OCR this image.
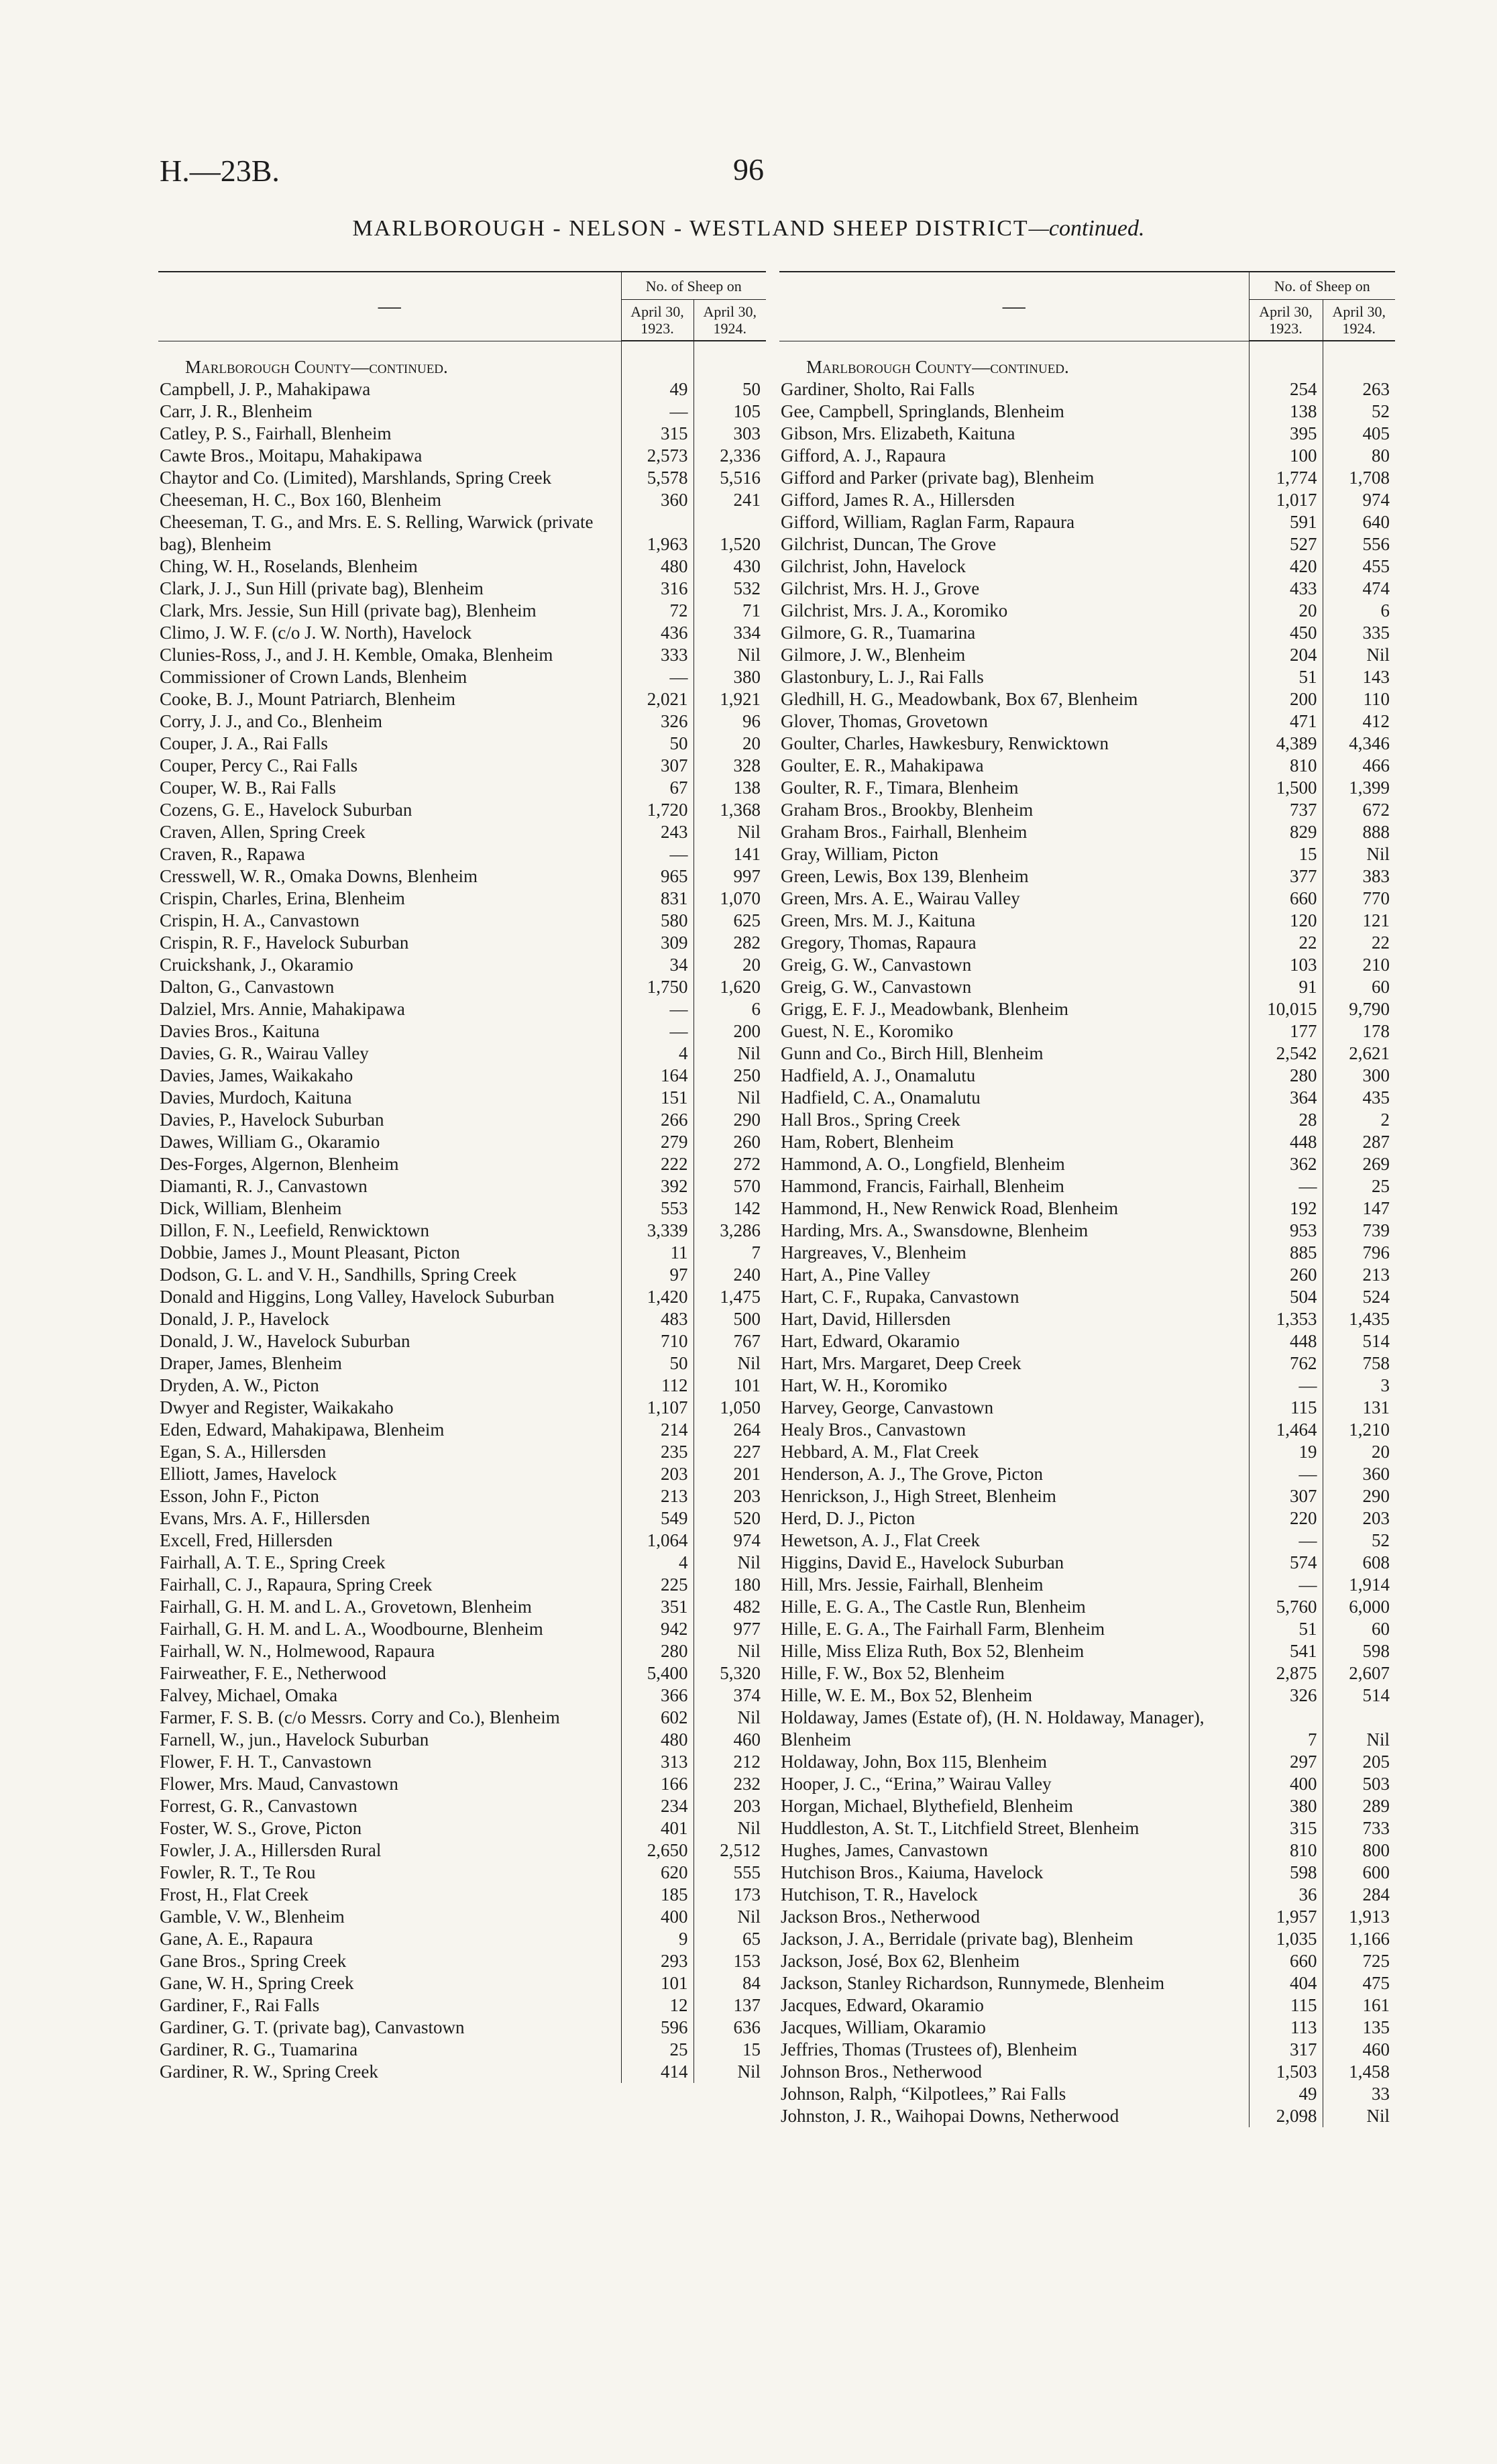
H.—23B.	96
MARLBOROUGH - NELSON - WESTLAND SHEEP DISTRICT—continued.
—	No. of Sheep on	
	April 30, 1923.	April 30, 1924.

Marlborough County—continued.		
Campbell, J. P., Mahakipawa	49	50
Carr, J. R., Blenheim	—	105
Catley, P. S., Fairhall, Blenheim	315	303
Cawte Bros., Moitapu, Mahakipawa	2,573	2,336
Chaytor and Co. (Limited), Marshlands, Spring Creek	5,578	5,516
Cheeseman, H. C., Box 160, Blenheim	360	241
Cheeseman, T. G., and Mrs. E. S. Relling, Warwick (private bag), Blenheim	1,963	1,520
Ching, W. H., Roselands, Blenheim	480	430
Clark, J. J., Sun Hill (private bag), Blenheim	316	532
Clark, Mrs. Jessie, Sun Hill (private bag), Blenheim	72	71
Climo, J. W. F. (c/o J. W. North), Havelock	436	334
Clunies-Ross, J., and J. H. Kemble, Omaka, Blenheim	333	Nil
Commissioner of Crown Lands, Blenheim	—	380
Cooke, B. J., Mount Patriarch, Blenheim	2,021	1,921
Corry, J. J., and Co., Blenheim	326	96
Couper, J. A., Rai Falls	50	20
Couper, Percy C., Rai Falls	307	328
Couper, W. B., Rai Falls	67	138
Cozens, G. E., Havelock Suburban	1,720	1,368
Craven, Allen, Spring Creek	243	Nil
Craven, R., Rapawa	—	141
Cresswell, W. R., Omaka Downs, Blenheim	965	997
Crispin, Charles, Erina, Blenheim	831	1,070
Crispin, H. A., Canvastown	580	625
Crispin, R. F., Havelock Suburban	309	282
Cruickshank, J., Okaramio	34	20
Dalton, G., Canvastown	1,750	1,620
Dalziel, Mrs. Annie, Mahakipawa	—	6
Davies Bros., Kaituna	—	200
Davies, G. R., Wairau Valley	4	Nil
Davies, James, Waikakaho	164	250
Davies, Murdoch, Kaituna	151	Nil
Davies, P., Havelock Suburban	266	290
Dawes, William G., Okaramio	279	260
Des-Forges, Algernon, Blenheim	222	272
Diamanti, R. J., Canvastown	392	570
Dick, William, Blenheim	553	142
Dillon, F. N., Leefield, Renwicktown	3,339	3,286
Dobbie, James J., Mount Pleasant, Picton	11	7
Dodson, G. L. and V. H., Sandhills, Spring Creek	97	240
Donald and Higgins, Long Valley, Havelock Suburban	1,420	1,475
Donald, J. P., Havelock	483	500
Donald, J. W., Havelock Suburban	710	767
Draper, James, Blenheim	50	Nil
Dryden, A. W., Picton	112	101
Dwyer and Register, Waikakaho	1,107	1,050
Eden, Edward, Mahakipawa, Blenheim	214	264
Egan, S. A., Hillersden	235	227
Elliott, James, Havelock	203	201
Esson, John F., Picton	213	203
Evans, Mrs. A. F., Hillersden	549	520
Excell, Fred, Hillersden	1,064	974
Fairhall, A. T. E., Spring Creek	4	Nil
Fairhall, C. J., Rapaura, Spring Creek	225	180
Fairhall, G. H. M. and L. A., Grovetown, Blenheim	351	482
Fairhall, G. H. M. and L. A., Woodbourne, Blenheim	942	977
Fairhall, W. N., Holmewood, Rapaura	280	Nil
Fairweather, F. E., Netherwood	5,400	5,320
Falvey, Michael, Omaka	366	374
Farmer, F. S. B. (c/o Messrs. Corry and Co.), Blenheim	602	Nil
Farnell, W., jun., Havelock Suburban	480	460
Flower, F. H. T., Canvastown	313	212
Flower, Mrs. Maud, Canvastown	166	232
Forrest, G. R., Canvastown	234	203
Foster, W. S., Grove, Picton	401	Nil
Fowler, J. A., Hillersden Rural	2,650	2,512
Fowler, R. T., Te Rou	620	555
Frost, H., Flat Creek	185	173
Gamble, V. W., Blenheim	400	Nil
Gane, A. E., Rapaura	9	65
Gane Bros., Spring Creek	293	153
Gane, W. H., Spring Creek	101	84
Gardiner, F., Rai Falls	12	137
Gardiner, G. T. (private bag), Canvastown	596	636
Gardiner, R. G., Tuamarina	25	15
Gardiner, R. W., Spring Creek	414	Nil
—	No. of Sheep on	
	April 30, 1923.	April 30, 1924.

Marlborough County—continued.		
Gardiner, Sholto, Rai Falls	254	263
Gee, Campbell, Springlands, Blenheim	138	52
Gibson, Mrs. Elizabeth, Kaituna	395	405
Gifford, A. J., Rapaura	100	80
Gifford and Parker (private bag), Blenheim	1,774	1,708
Gifford, James R. A., Hillersden	1,017	974
Gifford, William, Raglan Farm, Rapaura	591	640
Gilchrist, Duncan, The Grove	527	556
Gilchrist, John, Havelock	420	455
Gilchrist, Mrs. H. J., Grove	433	474
Gilchrist, Mrs. J. A., Koromiko	20	6
Gilmore, G. R., Tuamarina	450	335
Gilmore, J. W., Blenheim	204	Nil
Glastonbury, L. J., Rai Falls	51	143
Gledhill, H. G., Meadowbank, Box 67, Blenheim	200	110
Glover, Thomas, Grovetown	471	412
Goulter, Charles, Hawkesbury, Renwicktown	4,389	4,346
Goulter, E. R., Mahakipawa	810	466
Goulter, R. F., Timara, Blenheim	1,500	1,399
Graham Bros., Brookby, Blenheim	737	672
Graham Bros., Fairhall, Blenheim	829	888
Gray, William, Picton	15	Nil
Green, Lewis, Box 139, Blenheim	377	383
Green, Mrs. A. E., Wairau Valley	660	770
Green, Mrs. M. J., Kaituna	120	121
Gregory, Thomas, Rapaura	22	22
Greig, G. W., Canvastown	103	210
Greig, G. W., Canvastown	91	60
Grigg, E. F. J., Meadowbank, Blenheim	10,015	9,790
Guest, N. E., Koromiko	177	178
Gunn and Co., Birch Hill, Blenheim	2,542	2,621
Hadfield, A. J., Onamalutu	280	300
Hadfield, C. A., Onamalutu	364	435
Hall Bros., Spring Creek	28	2
Ham, Robert, Blenheim	448	287
Hammond, A. O., Longfield, Blenheim	362	269
Hammond, Francis, Fairhall, Blenheim	—	25
Hammond, H., New Renwick Road, Blenheim	192	147
Harding, Mrs. A., Swansdowne, Blenheim	953	739
Hargreaves, V., Blenheim	885	796
Hart, A., Pine Valley	260	213
Hart, C. F., Rupaka, Canvastown	504	524
Hart, David, Hillersden	1,353	1,435
Hart, Edward, Okaramio	448	514
Hart, Mrs. Margaret, Deep Creek	762	758
Hart, W. H., Koromiko	—	3
Harvey, George, Canvastown	115	131
Healy Bros., Canvastown	1,464	1,210
Hebbard, A. M., Flat Creek	19	20
Henderson, A. J., The Grove, Picton	—	360
Henrickson, J., High Street, Blenheim	307	290
Herd, D. J., Picton	220	203
Hewetson, A. J., Flat Creek	—	52
Higgins, David E., Havelock Suburban	574	608
Hill, Mrs. Jessie, Fairhall, Blenheim	—	1,914
Hille, E. G. A., The Castle Run, Blenheim	5,760	6,000
Hille, E. G. A., The Fairhall Farm, Blenheim	51	60
Hille, Miss Eliza Ruth, Box 52, Blenheim	541	598
Hille, F. W., Box 52, Blenheim	2,875	2,607
Hille, W. E. M., Box 52, Blenheim	326	514
Holdaway, James (Estate of), (H. N. Holdaway, Manager), Blenheim	7	Nil
Holdaway, John, Box 115, Blenheim	297	205
Hooper, J. C., “Erina,” Wairau Valley	400	503
Horgan, Michael, Blythefield, Blenheim	380	289
Huddleston, A. St. T., Litchfield Street, Blenheim	315	733
Hughes, James, Canvastown	810	800
Hutchison Bros., Kaiuma, Havelock	598	600
Hutchison, T. R., Havelock	36	284
Jackson Bros., Netherwood	1,957	1,913
Jackson, J. A., Berridale (private bag), Blenheim	1,035	1,166
Jackson, José, Box 62, Blenheim	660	725
Jackson, Stanley Richardson, Runnymede, Blenheim	404	475
Jacques, Edward, Okaramio	115	161
Jacques, William, Okaramio	113	135
Jeffries, Thomas (Trustees of), Blenheim	317	460
Johnson Bros., Netherwood	1,503	1,458
Johnson, Ralph, “Kilpotlees,” Rai Falls	49	33
Johnston, J. R., Waihopai Downs, Netherwood	2,098	Nil
